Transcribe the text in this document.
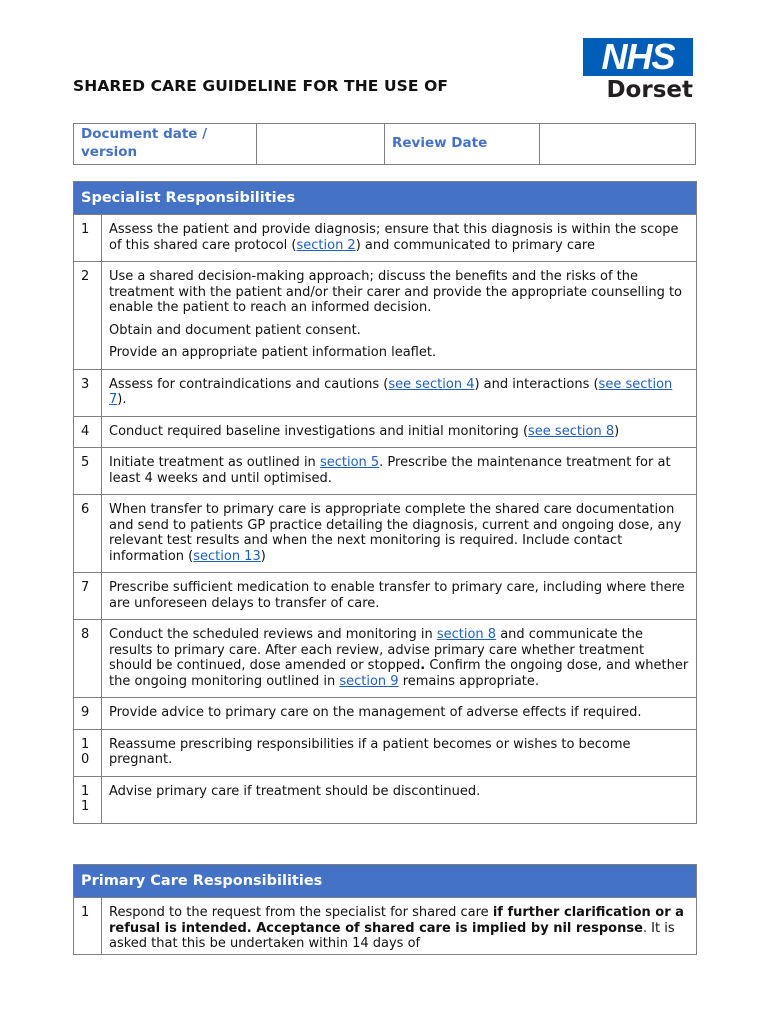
SHARED CARE GUIDELINE FOR THE USE OF
NHS
Dorset
Document date / version		Review Date	
Specialist Responsibilities	
1	Assess the patient and provide diagnosis; ensure that this diagnosis is within the scope of this shared care protocol (section 2) and communicated to primary care
2	Use a shared decision-making approach; discuss the benefits and the risks of the treatment with the patient and/or their carer and provide the appropriate counselling to enable the patient to reach an informed decision.

Obtain and document patient consent.

Provide an appropriate patient information leaflet.

3	Assess for contraindications and cautions (see section 4) and interactions (see section 7).
4	Conduct required baseline investigations and initial monitoring (see section 8)
5	Initiate treatment as outlined in section 5. Prescribe the maintenance treatment for at least 4 weeks and until optimised.
6	When transfer to primary care is appropriate complete the shared care documentation and send to patients GP practice detailing the diagnosis, current and ongoing dose, any relevant test results and when the next monitoring is required. Include contact information (section 13)
7	Prescribe sufficient medication to enable transfer to primary care, including where there are unforeseen delays to transfer of care.
8	Conduct the scheduled reviews and monitoring in section 8 and communicate the results to primary care. After each review, advise primary care whether treatment should be continued, dose amended or stopped. Confirm the ongoing dose, and whether the ongoing monitoring outlined in section 9 remains appropriate.
9	Provide advice to primary care on the management of adverse effects if required.
10	Reassume prescribing responsibilities if a patient becomes or wishes to become pregnant.
11	Advise primary care if treatment should be discontinued.
Primary Care Responsibilities
1	Respond to the request from the specialist for shared care if further clarification or a refusal is intended. Acceptance of shared care is implied by nil response. It is asked that this be undertaken within 14 days of
